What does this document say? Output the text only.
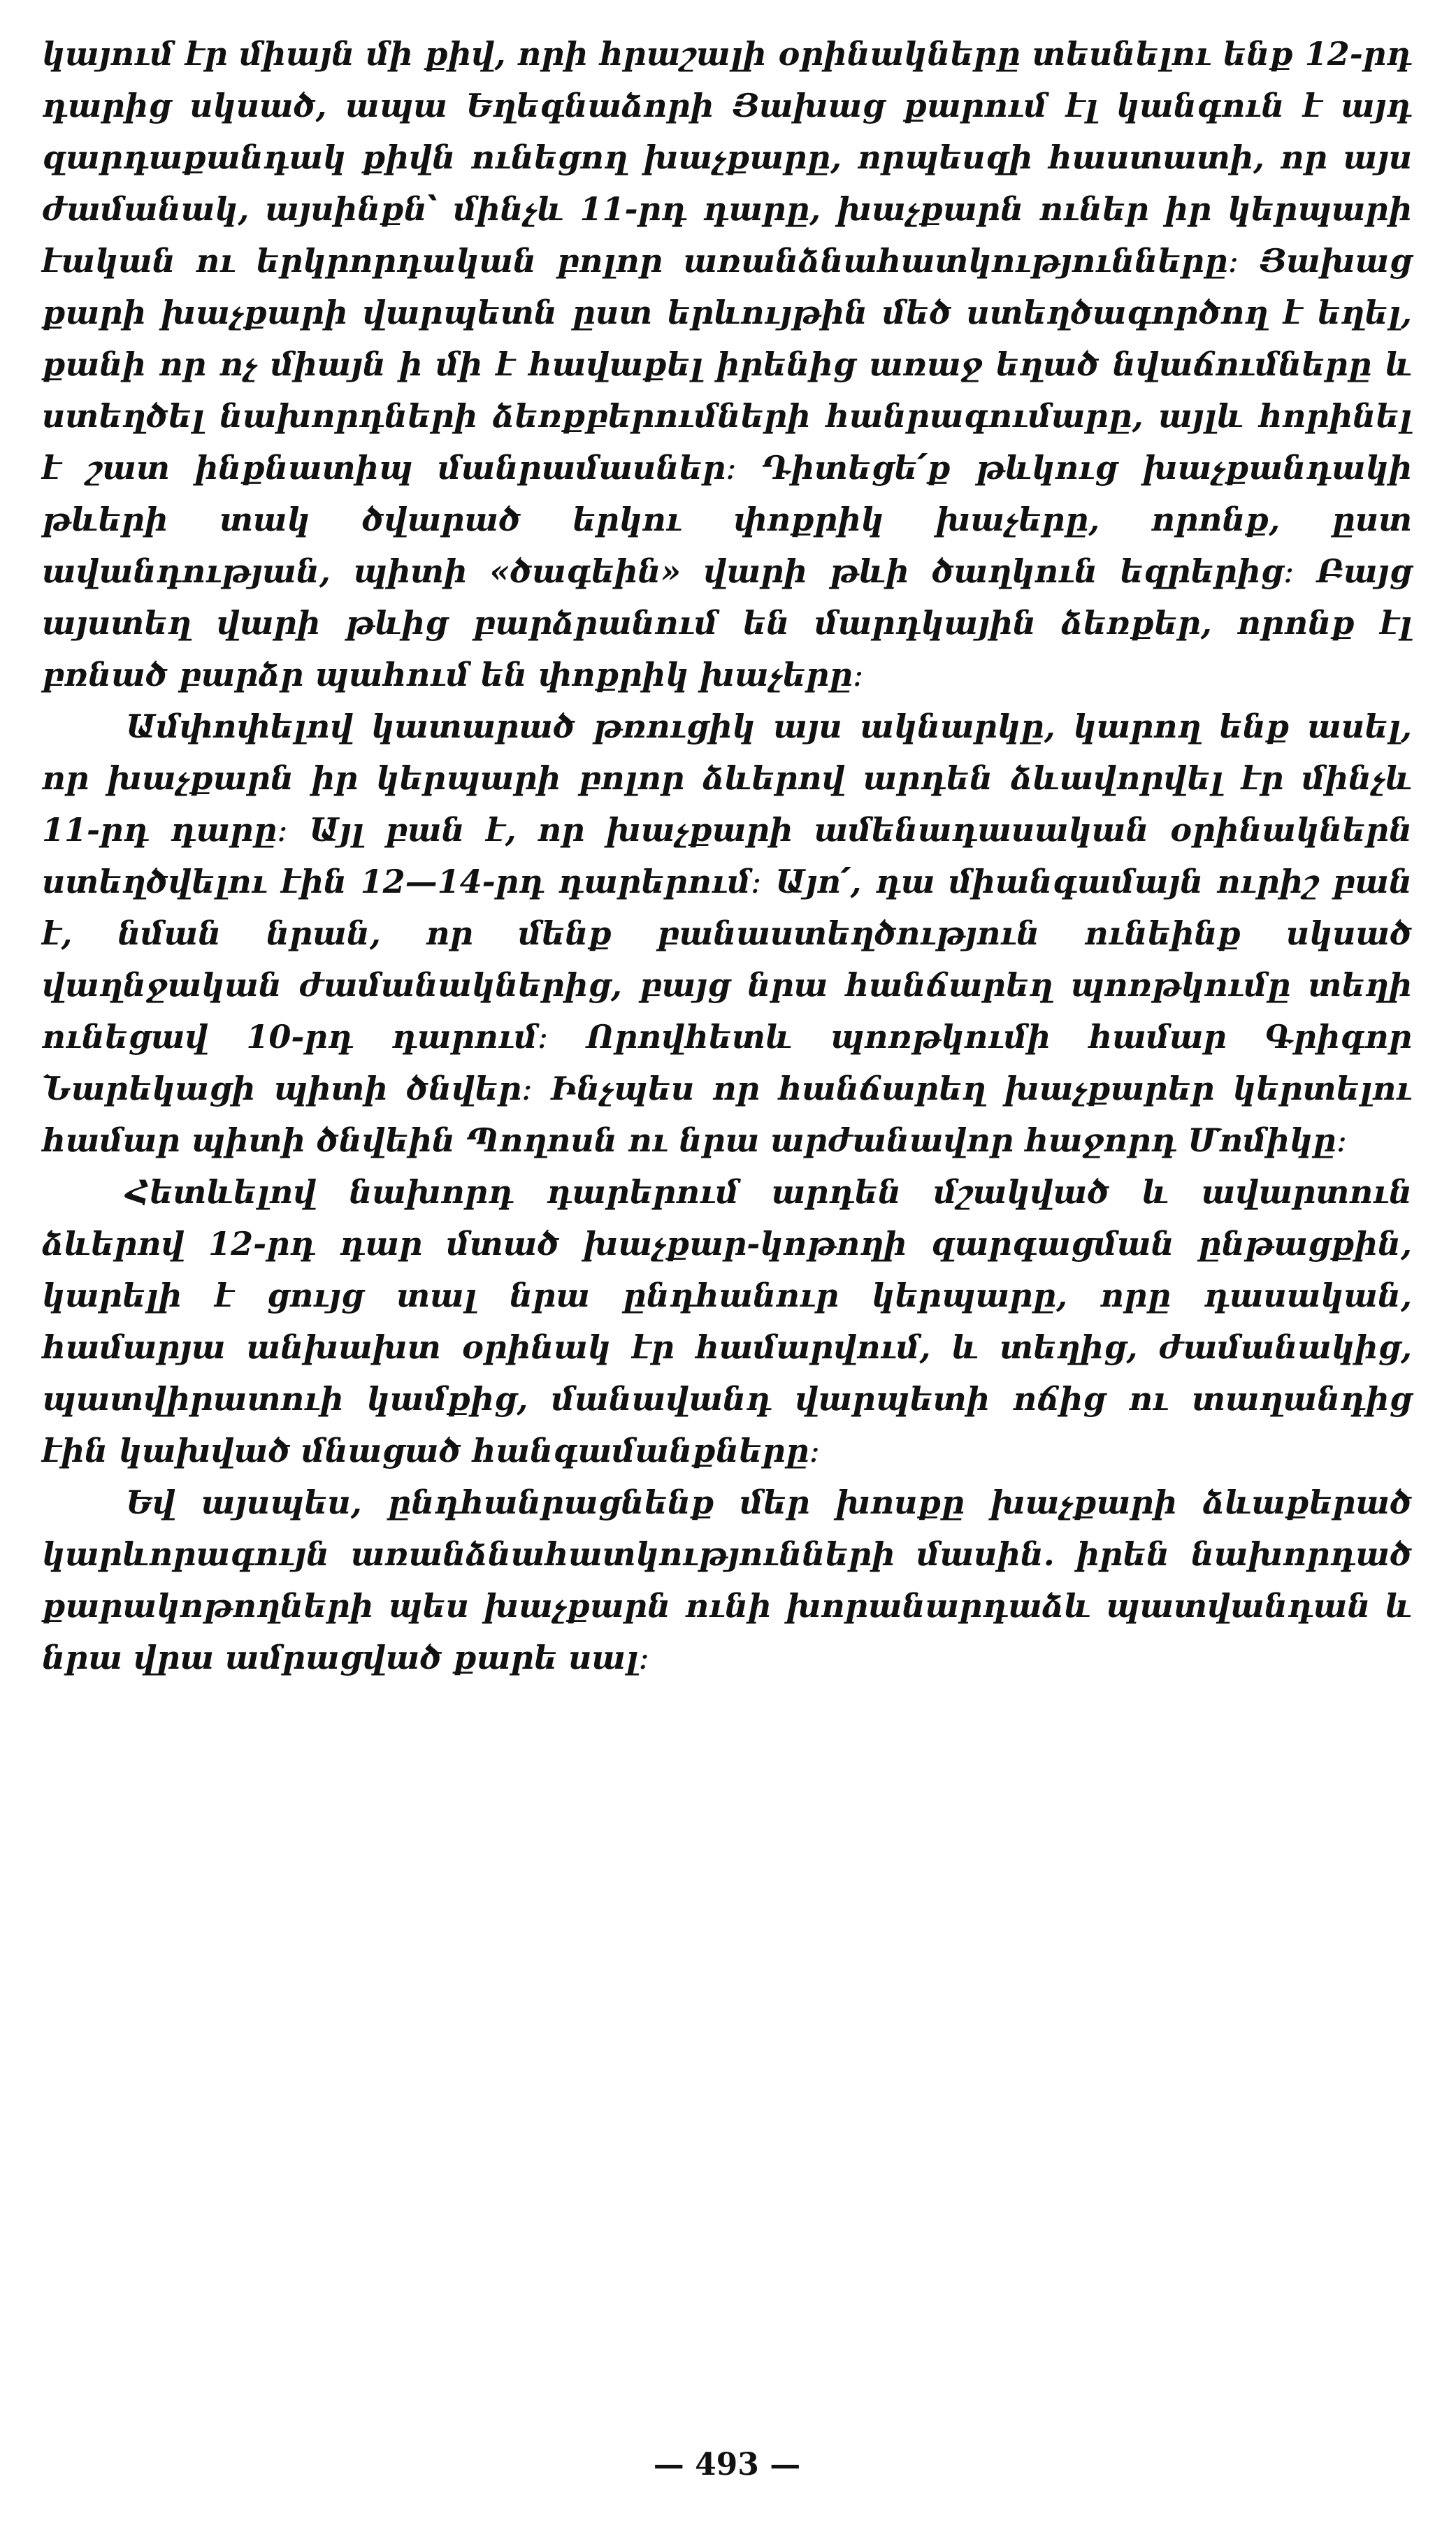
կայում էր միայն մի քիվ, որի հրաշալի օրինակները տեսնելու ենք 12-րդ դարից սկսած, ապա Եղեգնաձորի Յախաց քարում էլ կանգուն է այդ զարդաքանդակ քիվն ունեցող խաչքարը, որպեսզի հաստատի, որ այս ժամանակ, այսինքն՝ մինչև 11-րդ դարը, խաչքարն ուներ իր կերպարի էական ու երկրորդական բոլոր առանձնահատկությունները։ Յախաց քարի խաչքարի վարպետն ըստ երևույթին մեծ ստեղծագործող է եղել, քանի որ ոչ միայն ի մի է հավաքել իրենից առաջ եղած նվաճումները և ստեղծել նախորդների ձեռքբերումների հանրագումարը, այլև հորինել է շատ ինքնատիպ մանրամասներ։ Դիտեցե՛ք թևկուց խաչքանդակի թևերի տակ ծվարած երկու փոքրիկ խաչերը, որոնք, ըստ ավանդության, պիտի «ծագեին» վարի թևի ծաղկուն եզրերից։ Բայց այստեղ վարի թևից բարձրանում են մարդկային ձեռքեր, որոնք էլ բռնած բարձր պահում են փոքրիկ խաչերը։

Ամփոփելով կատարած թռուցիկ այս ակնարկը, կարող ենք ասել, որ խաչքարն իր կերպարի բոլոր ձևերով արդեն ձևավորվել էր մինչև 11-րդ դարը։ Այլ բան է, որ խաչքարի ամենադասական օրինակներն ստեղծվելու էին 12—14-րդ դարերում։ Այո՛, դա միանգամայն ուրիշ բան է, նման նրան, որ մենք բանաստեղծություն ունեինք սկսած վաղնջական ժամանակներից, բայց նրա հանճարեղ պոռթկումը տեղի ունեցավ 10-րդ դարում։ Որովհետև պոռթկումի համար Գրիգոր Նարեկացի պիտի ծնվեր։ Ինչպես որ հանճարեղ խաչքարեր կերտելու համար պիտի ծնվեին Պողոսն ու նրա արժանավոր հաջորդ Մոմիկը։

Հետևելով նախորդ դարերում արդեն մշակված և ավարտուն ձևերով 12-րդ դար մտած խաչքար-կոթողի զարգացման ընթացքին, կարելի է ցույց տալ նրա ընդհանուր կերպարը, որը դասական, համարյա անխախտ օրինակ էր համարվում, և տեղից, ժամանակից, պատվիրատուի կամքից, մանավանդ վարպետի ոճից ու տաղանդից էին կախված մնացած հանգամանքները։

Եվ այսպես, ընդհանրացնենք մեր խոսքը խաչքարի ձևաքերած կարևորագույն առանձնահատկությունների մասին. իրեն նախորդած քարակոթողների պես խաչքարն ունի խորանարդաձև պատվանդան և նրա վրա ամրացված քարե սալ։

— 493 —
